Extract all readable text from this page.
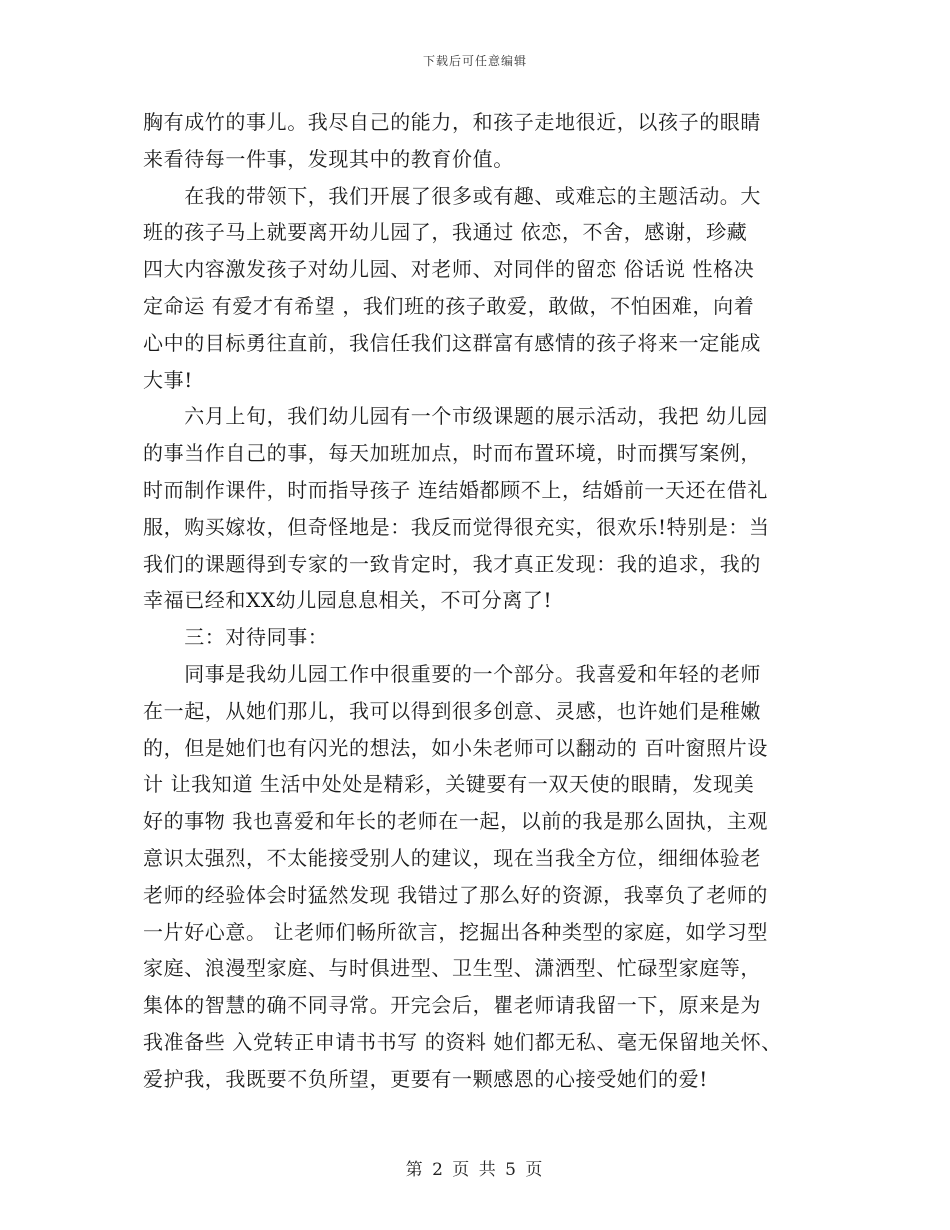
下载后可任意编辑
胸有成竹的事儿。我尽自己的能力，和孩子走地很近，以孩子的眼睛
来看待每一件事，发现其中的教育价值。
　　在我的带领下，我们开展了很多或有趣、或难忘的主题活动。大
班的孩子马上就要离开幼儿园了，我通过 依恋，不舍，感谢，珍藏
四大内容激发孩子对幼儿园、对老师、对同伴的留恋 俗话说 性格决
定命运 有爱才有希望 ，我们班的孩子敢爱，敢做，不怕困难，向着
心中的目标勇往直前，我信任我们这群富有感情的孩子将来一定能成
大事!
　　六月上旬，我们幼儿园有一个市级课题的展示活动，我把 幼儿园
的事当作自己的事，每天加班加点，时而布置环境，时而撰写案例，
时而制作课件，时而指导孩子 连结婚都顾不上，结婚前一天还在借礼
服，购买嫁妆，但奇怪地是：我反而觉得很充实，很欢乐!特别是：当
我们的课题得到专家的一致肯定时，我才真正发现：我的追求，我的
幸福已经和XX幼儿园息息相关，不可分离了!
　　三：对待同事：
　　同事是我幼儿园工作中很重要的一个部分。我喜爱和年轻的老师
在一起，从她们那儿，我可以得到很多创意、灵感，也许她们是稚嫩
的，但是她们也有闪光的想法，如小朱老师可以翻动的 百叶窗照片设
计 让我知道 生活中处处是精彩，关键要有一双天使的眼睛，发现美
好的事物 我也喜爱和年长的老师在一起，以前的我是那么固执，主观
意识太强烈，不太能接受别人的建议，现在当我全方位，细细体验老
老师的经验体会时猛然发现 我错过了那么好的资源，我辜负了老师的
一片好心意。 让老师们畅所欲言，挖掘出各种类型的家庭，如学习型
家庭、浪漫型家庭、与时俱进型、卫生型、潇洒型、忙碌型家庭等，
集体的智慧的确不同寻常。开完会后，瞿老师请我留一下，原来是为
我准备些 入党转正申请书书写 的资料 她们都无私、毫无保留地关怀、
爱护我，我既要不负所望，更要有一颗感恩的心接受她们的爱!
第 2 页 共 5 页
